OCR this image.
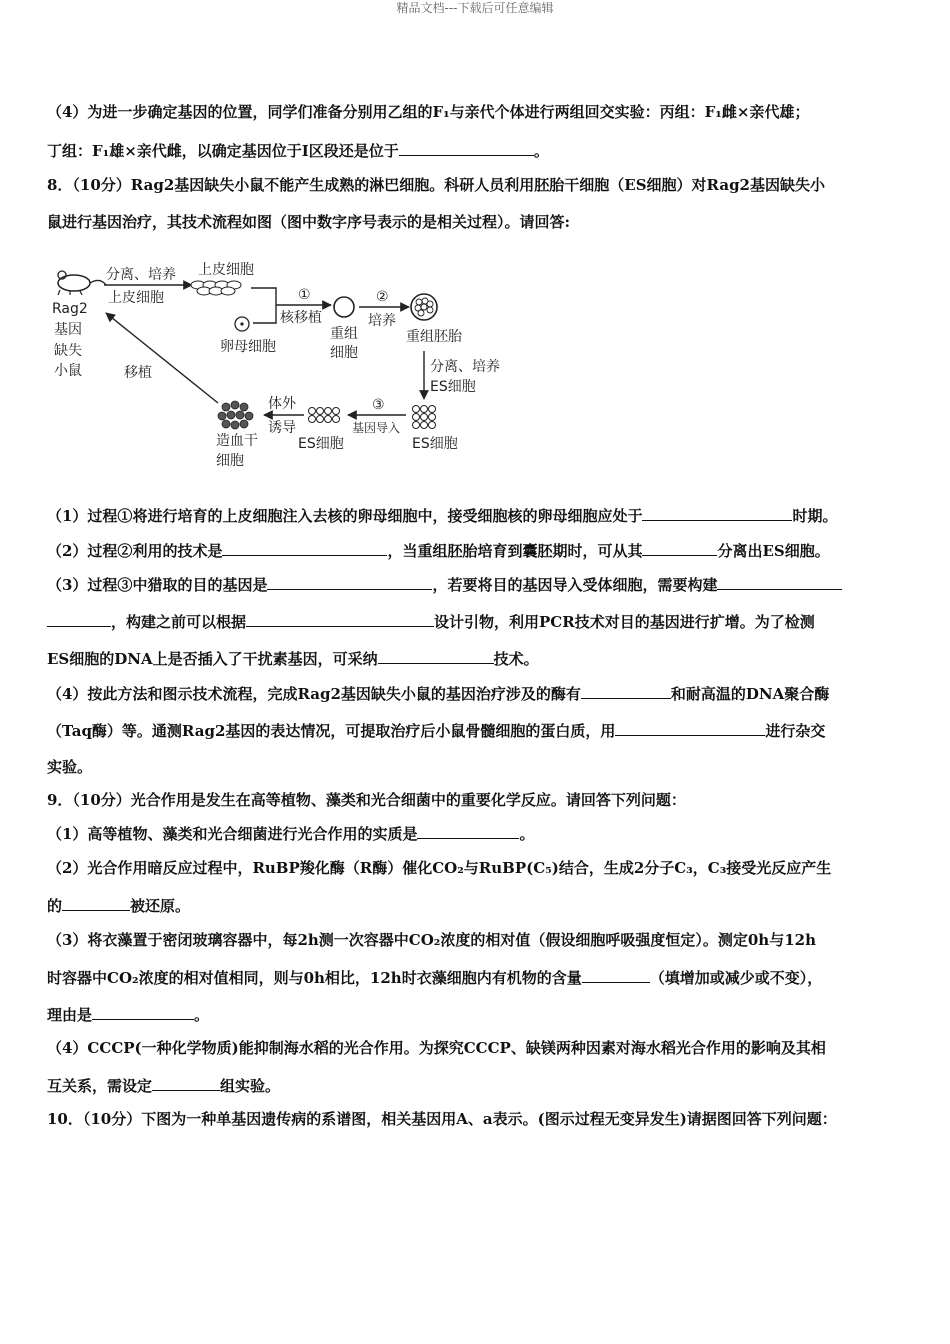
精品文档---下载后可任意编辑
（4）为进一步确定基因的位置，同学们准备分别用乙组的F₁与亲代个体进行两组回交实验：丙组：F₁雌×亲代雄；
丁组：F₁雄×亲代雌，以确定基因位于Ⅰ区段还是位于	。
8．（10分）Rag2基因缺失小鼠不能产生成熟的淋巴细胞。科研人员利用胚胎干细胞（ES细胞）对Rag2基因缺失小
鼠进行基因治疗，其技术流程如图（图中数字序号表示的是相关过程）。请回答:
Rag2
基因
缺失
小鼠
分离、培养
上皮细胞
上皮细胞
①
核移植
卵母细胞
重组
细胞
②
培养
重组胚胎
分离、培养
ES细胞
ES细胞
③
基因导入
ES细胞
体外
诱导
造血干
细胞
移植
（1）过程①将进行培育的上皮细胞注入去核的卵母细胞中，接受细胞核的卵母细胞应处于	时期。
（2）过程②利用的技术是	，当重组胚胎培育到囊胚期时，可从其	分离出ES细胞。
（3）过程③中猎取的目的基因是	，若要将目的基因导入受体细胞，需要构建
，构建之前可以根据	设计引物，利用PCR技术对目的基因进行扩增。为了检测
ES细胞的DNA上是否插入了干扰素基因，可采纳	技术。
（4）按此方法和图示技术流程，完成Rag2基因缺失小鼠的基因治疗涉及的酶有	和耐高温的DNA聚合酶
（Taq酶）等。通测Rag2基因的表达情况，可提取治疗后小鼠骨髓细胞的蛋白质，用	进行杂交
实验。
9．（10分）光合作用是发生在高等植物、藻类和光合细菌中的重要化学反应。请回答下列问题：
（1）高等植物、藻类和光合细菌进行光合作用的实质是	。
（2）光合作用暗反应过程中，RuBP羧化酶（R酶）催化CO₂与RuBP(C₅)结合，生成2分子C₃，C₃接受光反应产生
的	被还原。
（3）将衣藻置于密闭玻璃容器中，每2h测一次容器中CO₂浓度的相对值（假设细胞呼吸强度恒定）。测定0h与12h
时容器中CO₂浓度的相对值相同，则与0h相比，12h时衣藻细胞内有机物的含量	（填增加或减少或不变），
理由是	。
（4）CCCP(一种化学物质)能抑制海水稻的光合作用。为探究CCCP、缺镁两种因素对海水稻光合作用的影响及其相
互关系，需设定	组实验。
10．（10分）下图为一种单基因遗传病的系谱图，相关基因用A、a表示。(图示过程无变异发生)请据图回答下列问题：
